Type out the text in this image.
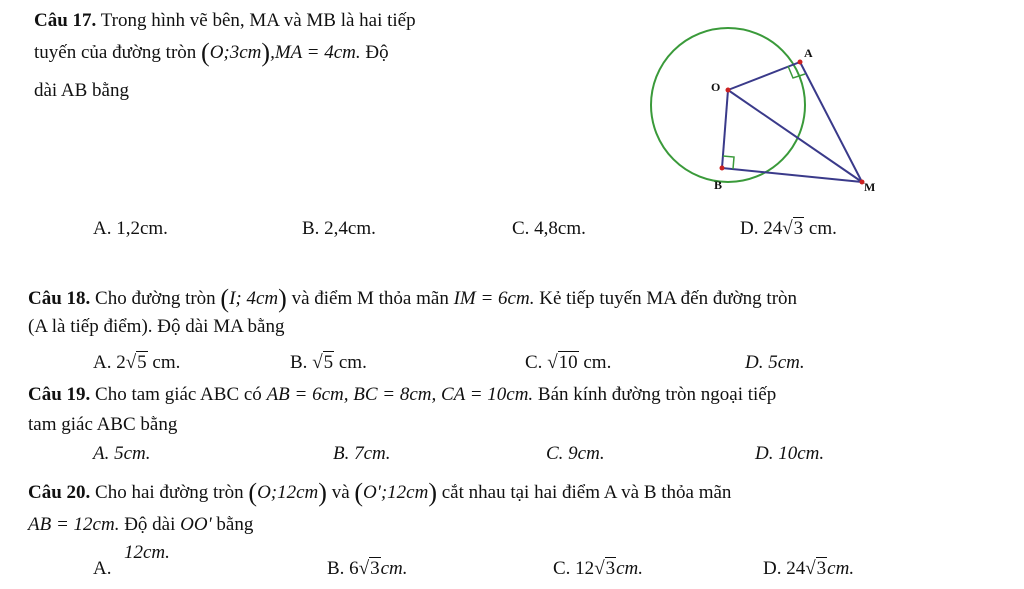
Câu 17. Trong hình vẽ bên, MA và MB là hai tiếp
tuyến của đường tròn (O;3cm),MA = 4cm. Độ
dài AB bằng
A
O
B	M
A. 1,2cm.	B. 2,4cm.	C. 4,8cm.	D. 24√3 cm.
Câu 18. Cho đường tròn (I; 4cm) và điểm M thỏa mãn IM = 6cm. Kẻ tiếp tuyến MA đến đường tròn
(A là tiếp điểm). Độ dài MA bằng
A. 2√5 cm.	B. √5 cm.	C. √10 cm.	D. 5cm.
Câu 19. Cho tam giác ABC có AB = 6cm, BC = 8cm, CA = 10cm. Bán kính đường tròn ngoại tiếp
tam giác ABC bằng
A. 5cm.	B. 7cm.	C. 9cm.	D. 10cm.
Câu 20. Cho hai đường tròn (O;12cm) và (O';12cm) cắt nhau tại hai điểm A và B thỏa mãn
AB = 12cm. Độ dài OO' bằng
A.
12cm.
B. 6√3cm.	C. 12√3cm.	D. 24√3cm.
